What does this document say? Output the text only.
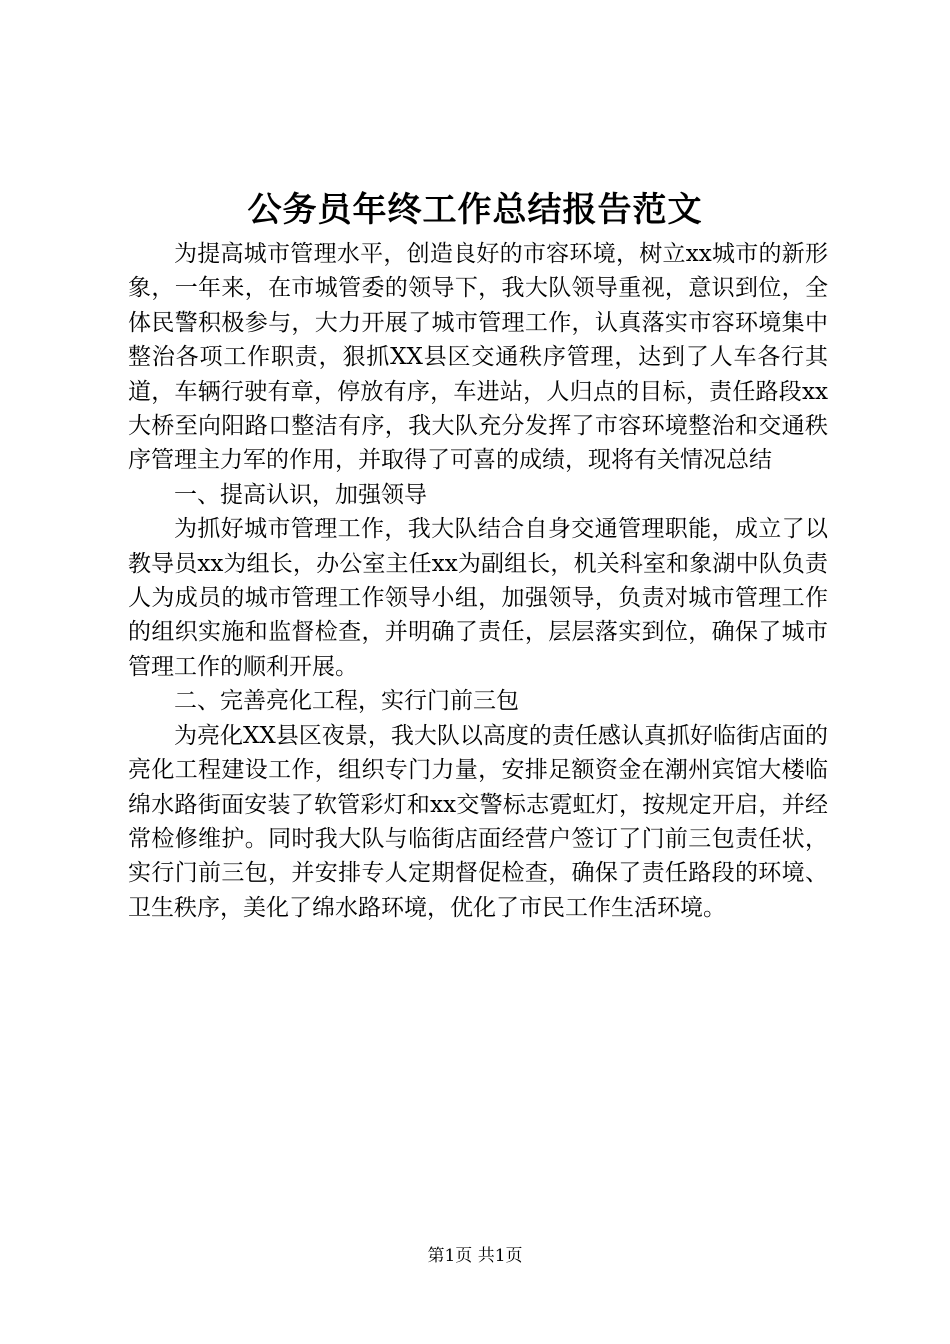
公务员年终工作总结报告范文

为提高城市管理水平，创造良好的市容环境，树立xx城市的新形象，一年来，在市城管委的领导下，我大队领导重视，意识到位，全体民警积极参与，大力开展了城市管理工作，认真落实市容环境集中整治各项工作职责，狠抓XX县区交通秩序管理，达到了人车各行其道，车辆行驶有章，停放有序，车进站，人归点的目标，责任路段xx大桥至向阳路口整洁有序，我大队充分发挥了市容环境整治和交通秩序管理主力军的作用，并取得了可喜的成绩，现将有关情况总结

一、提高认识，加强领导

为抓好城市管理工作，我大队结合自身交通管理职能，成立了以教导员xx为组长，办公室主任xx为副组长，机关科室和象湖中队负责人为成员的城市管理工作领导小组，加强领导，负责对城市管理工作的组织实施和监督检查，并明确了责任，层层落实到位，确保了城市管理工作的顺利开展。

二、完善亮化工程，实行门前三包

为亮化XX县区夜景，我大队以高度的责任感认真抓好临街店面的亮化工程建设工作，组织专门力量，安排足额资金在潮州宾馆大楼临绵水路街面安装了软管彩灯和xx交警标志霓虹灯，按规定开启，并经常检修维护。同时我大队与临街店面经营户签订了门前三包责任状，实行门前三包，并安排专人定期督促检查，确保了责任路段的环境、卫生秩序，美化了绵水路环境，优化了市民工作生活环境。

第1页 共1页
